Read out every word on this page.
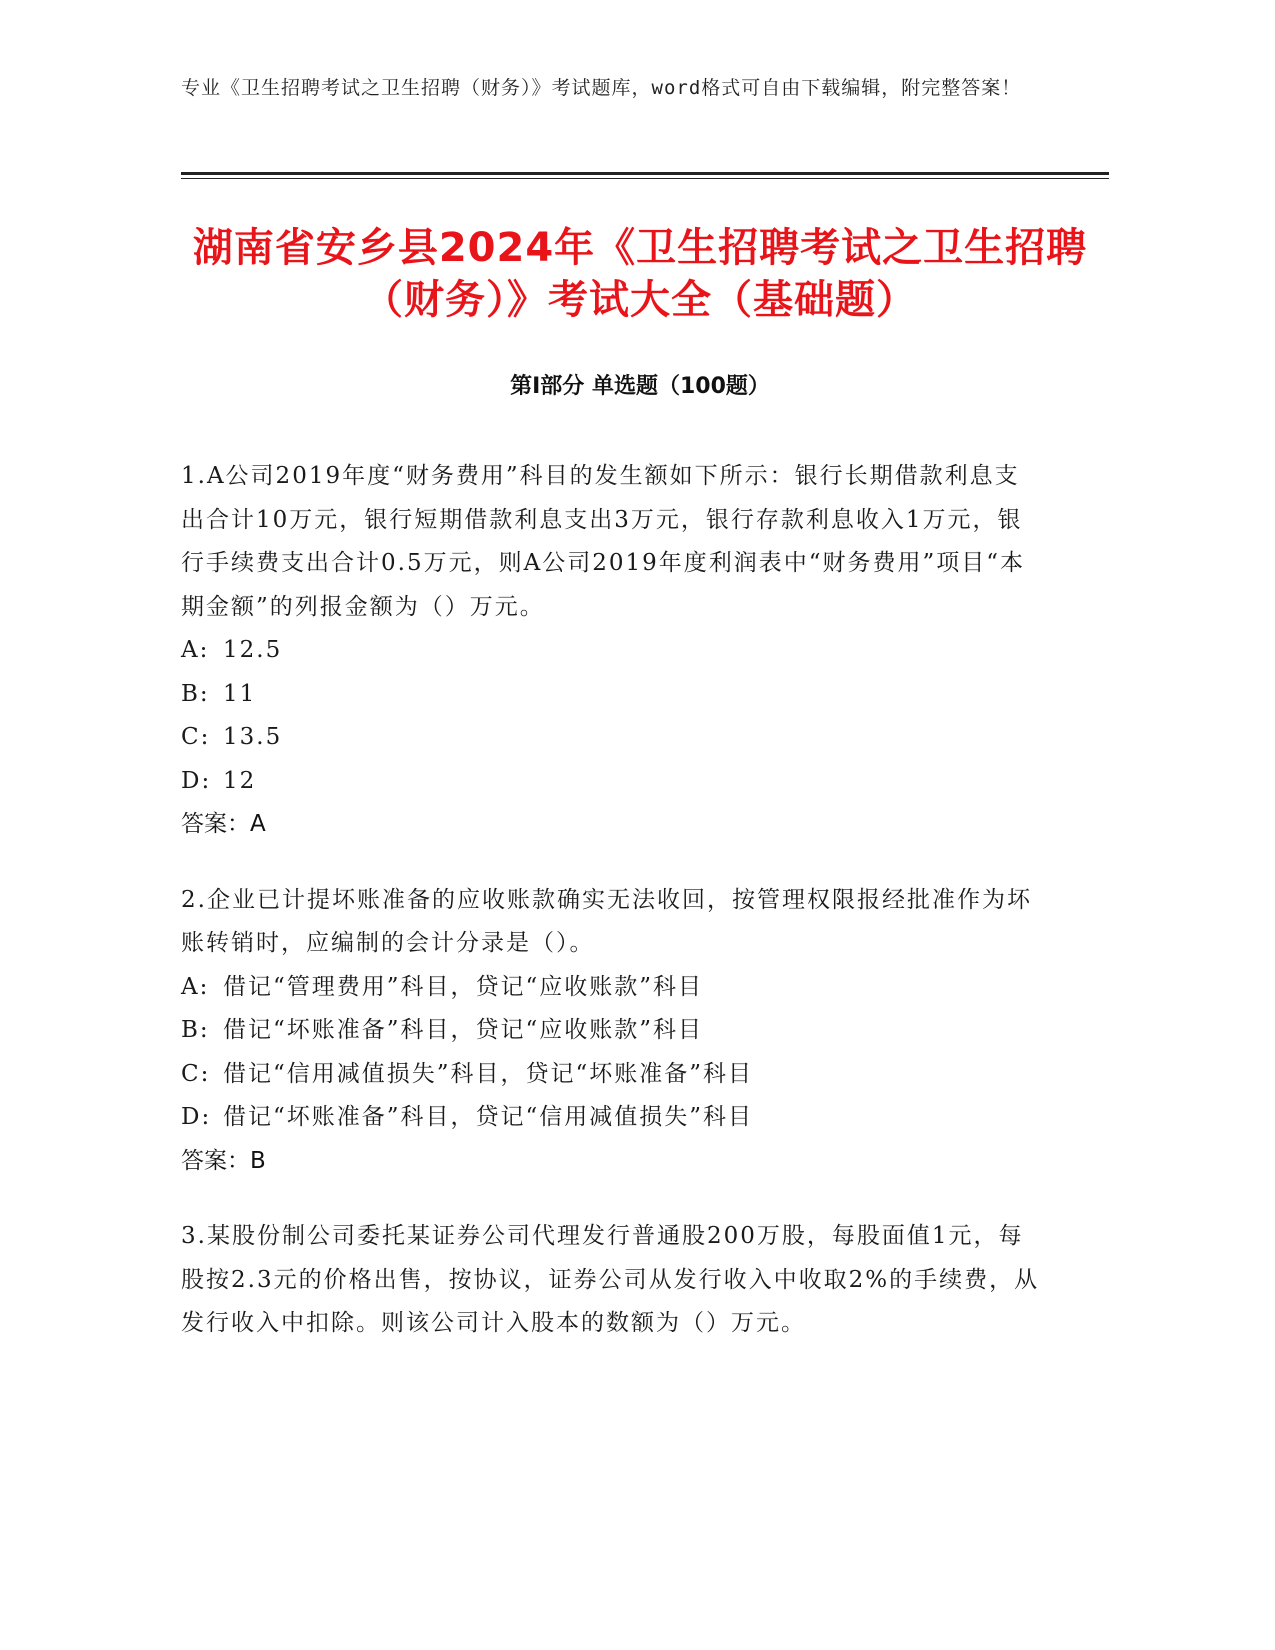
专业《卫生招聘考试之卫生招聘（财务）》考试题库，word格式可自由下载编辑，附完整答案！
湖南省安乡县2024年《卫生招聘考试之卫生招聘（财务）》考试大全（基础题）
第I部分 单选题（100题）
1.A公司2019年度“财务费用”科目的发生额如下所示：银行长期借款利息支出合计10万元，银行短期借款利息支出3万元，银行存款利息收入1万元，银行手续费支出合计0.5万元，则A公司2019年度利润表中“财务费用”项目“本期金额”的列报金额为（）万元。
A: 12.5
B: 11
C: 13.5
D: 12
答案：A
2.企业已计提坏账准备的应收账款确实无法收回，按管理权限报经批准作为坏账转销时，应编制的会计分录是（）。
A: 借记“管理费用”科目，贷记“应收账款”科目
B: 借记“坏账准备”科目，贷记“应收账款”科目
C: 借记“信用减值损失”科目，贷记“坏账准备”科目
D: 借记“坏账准备”科目，贷记“信用减值损失”科目
答案：B
3.某股份制公司委托某证券公司代理发行普通股200万股，每股面值1元，每股按2.3元的价格出售，按协议，证券公司从发行收入中收取2%的手续费，从发行收入中扣除。则该公司计入股本的数额为（）万元。
